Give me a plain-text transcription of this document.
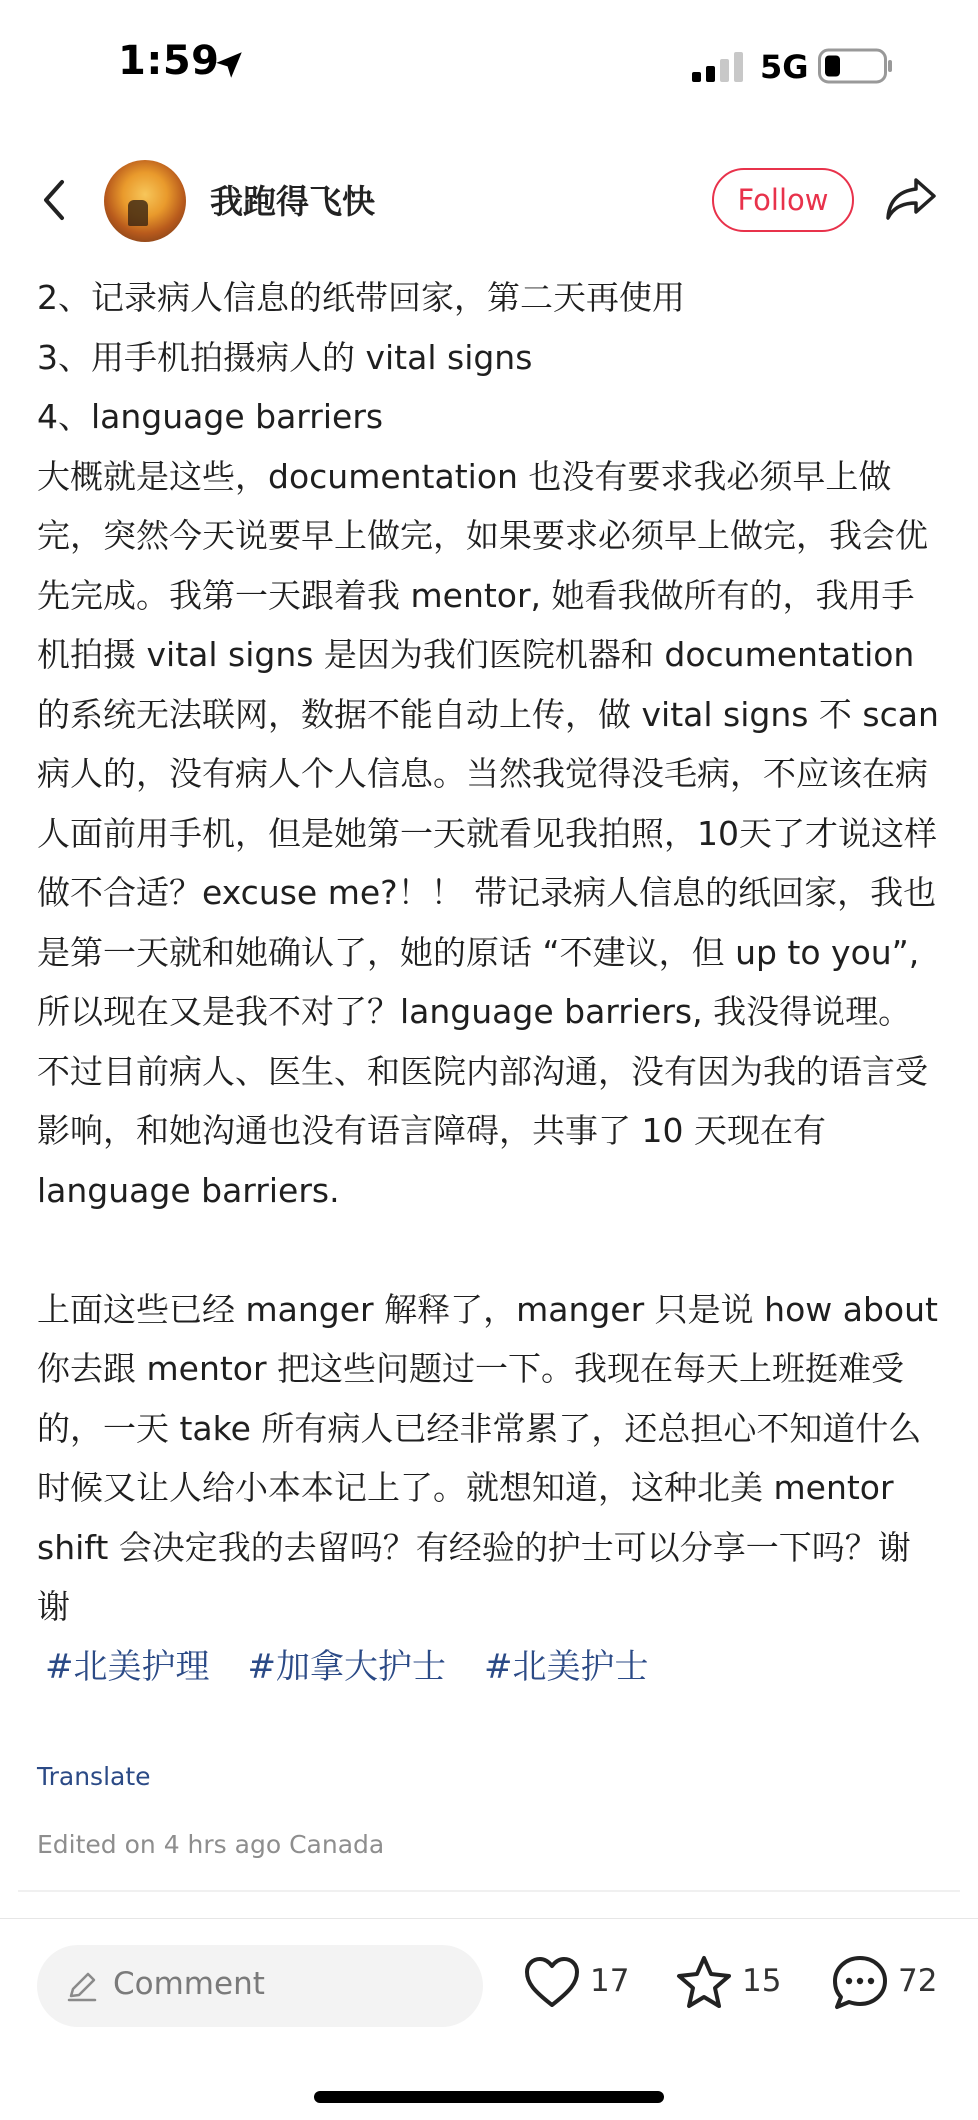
1:59	5G
我跑得飞快	Follow

2、记录病人信息的纸带回家，第二天再使用

3、用手机拍摄病人的 vital signs

4、language barriers

大概就是这些，documentation 也没有要求我必须早上做完，突然今天说要早上做完，如果要求必须早上做完，我会优先完成。我第一天跟着我 mentor, 她看我做所有的，我用手机拍摄 vital signs 是因为我们医院机器和 documentation 的系统无法联网，数据不能自动上传，做 vital signs 不 scan 病人的，没有病人个人信息。当然我觉得没毛病，不应该在病人面前用手机，但是她第一天就看见我拍照，10天了才说这样做不合适？excuse me?！！ 带记录病人信息的纸回家，我也是第一天就和她确认了，她的原话 “不建议，但 up to you”, 所以现在又是我不对了？language barriers, 我没得说理。不过目前病人、医生、和医院内部沟通，没有因为我的语言受影响，和她沟通也没有语言障碍，共事了 10 天现在有 language barriers.

上面这些已经 manger 解释了，manger 只是说 how about 你去跟 mentor 把这些问题过一下。我现在每天上班挺难受的，一天 take 所有病人已经非常累了，还总担心不知道什么时候又让人给小本本记上了。就想知道，这种北美 mentor shift 会决定我的去留吗？有经验的护士可以分享一下吗？谢谢

#北美护理 #加拿大护士 #北美护士
Translate
Edited on 4 hrs ago Canada
Comment	17	15	72
